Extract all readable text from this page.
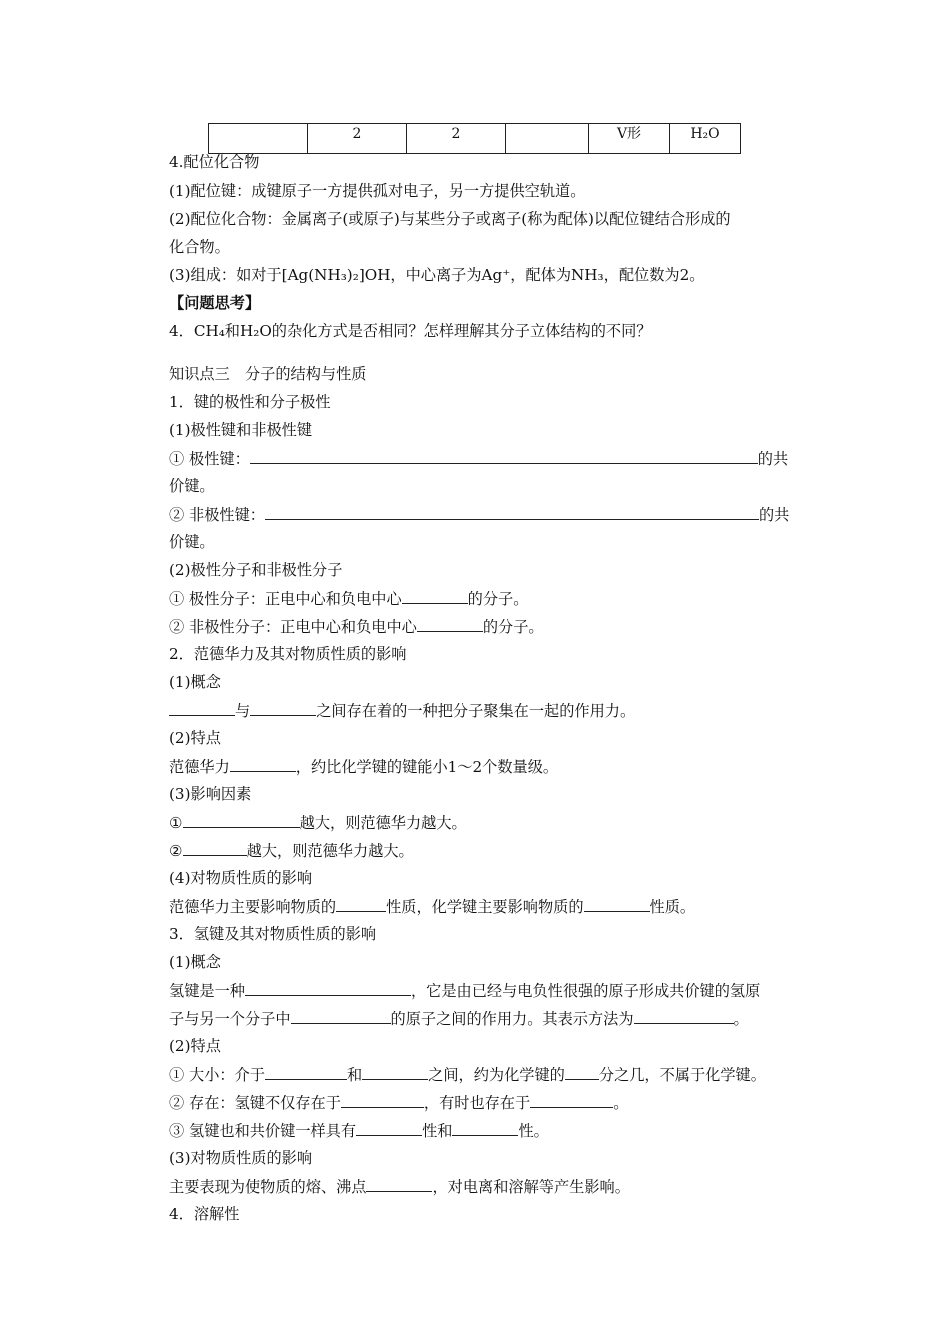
	2	2		V形	H₂O
4.配位化合物
(1)配位键：成键原子一方提供孤对电子，另一方提供空轨道。
(2)配位化合物：金属离子(或原子)与某些分子或离子(称为配体)以配位键结合形成的
化合物。
(3)组成：如对于[Ag(NH₃)₂]OH，中心离子为Ag⁺，配体为NH₃，配位数为2。
【问题思考】
4．CH₄和H₂O的杂化方式是否相同？怎样理解其分子立体结构的不同？
知识点三　分子的结构与性质
1．键的极性和分子极性
(1)极性键和非极性键
① 极性键：	的共
价键。
② 非极性键：	的共
价键。
(2)极性分子和非极性分子
① 极性分子：正电中心和负电中心	的分子。
② 非极性分子：正电中心和负电中心	的分子。
2．范德华力及其对物质性质的影响
(1)概念
与	之间存在着的一种把分子聚集在一起的作用力。
(2)特点
范德华力	，约比化学键的键能小1～2个数量级。
(3)影响因素
①	越大，则范德华力越大。
②	越大，则范德华力越大。
(4)对物质性质的影响
范德华力主要影响物质的	性质，化学键主要影响物质的	性质。
3．氢键及其对物质性质的影响
(1)概念
氢键是一种	，它是由已经与电负性很强的原子形成共价键的氢原
子与另一个分子中	的原子之间的作用力。其表示方法为	。
(2)特点
① 大小：介于	和	之间，约为化学键的 分之几，不属于化学键。
② 存在：氢键不仅存在于	，有时也存在于	。
③ 氢键也和共价键一样具有	性和	性。
(3)对物质性质的影响
主要表现为使物质的熔、沸点	，对电离和溶解等产生影响。
4．溶解性
